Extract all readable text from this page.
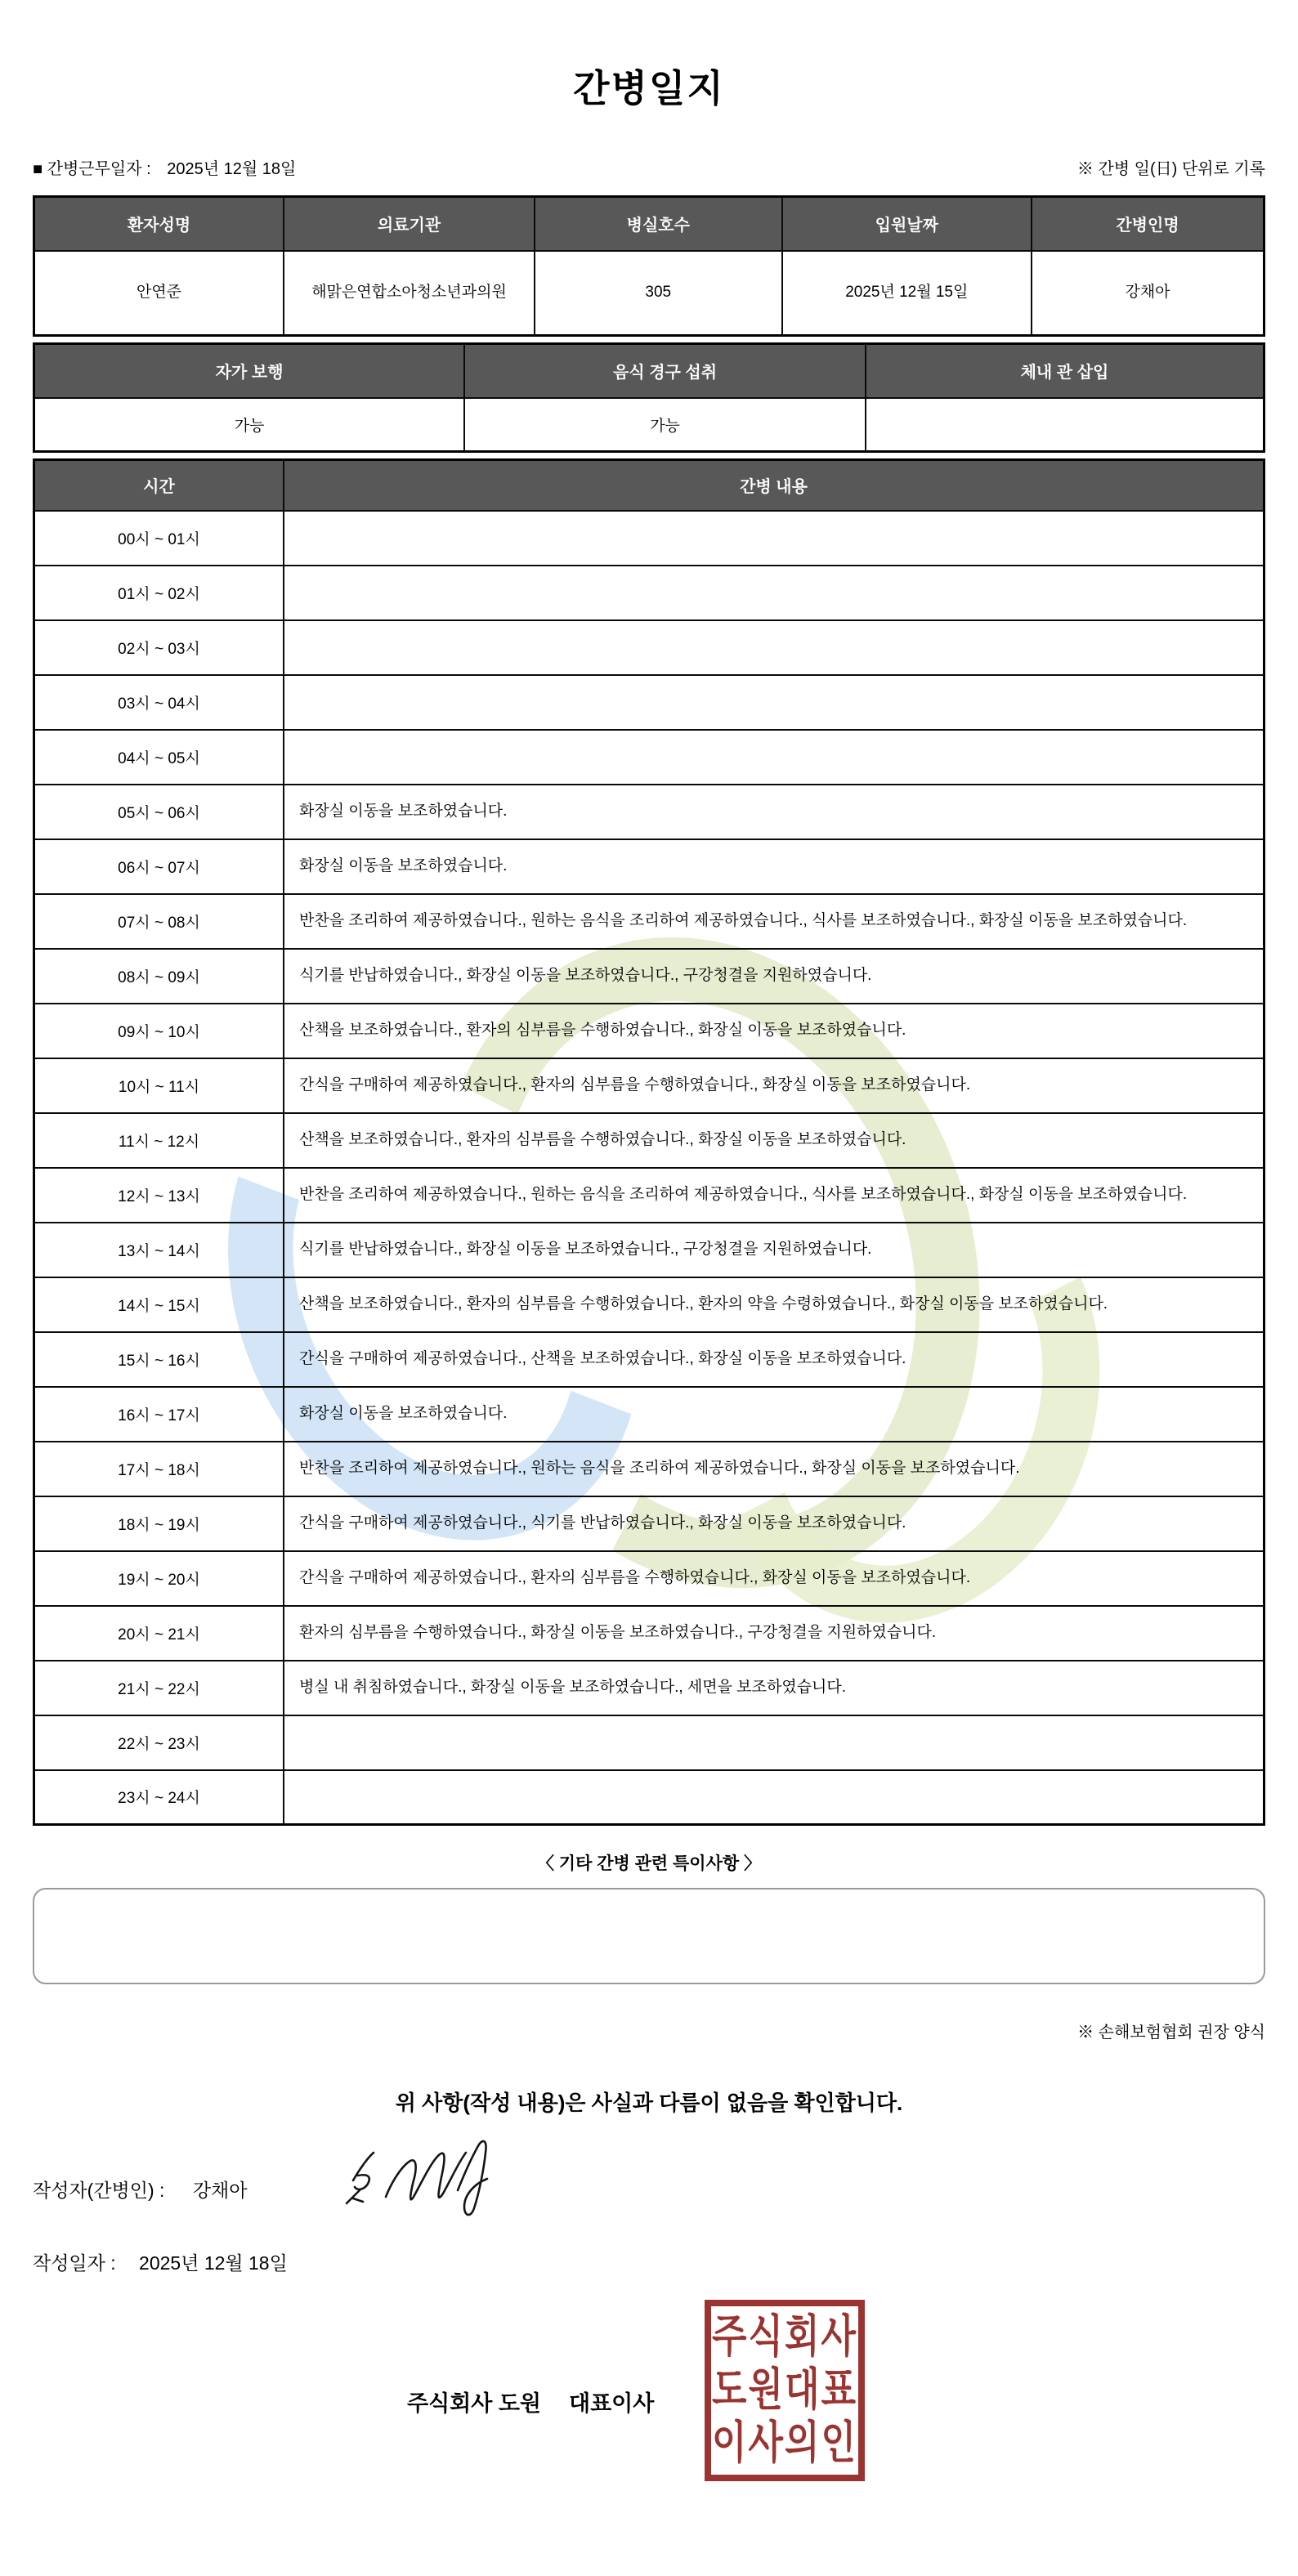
간병일지
■ 간병근무일자 : 2025년 12월 18일	※ 간병 일(日) 단위로 기록
환자성명	의료기관	병실호수	입원날짜	간병인명
안연준	해맑은연합소아청소년과의원	305	2025년 12월 15일	강채아
자가 보행	음식 경구 섭취	체내 관 삽입
가능	가능	
시간	간병 내용
00시 ~ 01시	
01시 ~ 02시	
02시 ~ 03시	
03시 ~ 04시	
04시 ~ 05시	
05시 ~ 06시	화장실 이동을 보조하였습니다.
06시 ~ 07시	화장실 이동을 보조하였습니다.
07시 ~ 08시	반찬을 조리하여 제공하였습니다., 원하는 음식을 조리하여 제공하였습니다., 식사를 보조하였습니다., 화장실 이동을 보조하였습니다.
08시 ~ 09시	식기를 반납하였습니다., 화장실 이동을 보조하였습니다., 구강청결을 지원하였습니다.
09시 ~ 10시	산책을 보조하였습니다., 환자의 심부름을 수행하였습니다., 화장실 이동을 보조하였습니다.
10시 ~ 11시	간식을 구매하여 제공하였습니다., 환자의 심부름을 수행하였습니다., 화장실 이동을 보조하였습니다.
11시 ~ 12시	산책을 보조하였습니다., 환자의 심부름을 수행하였습니다., 화장실 이동을 보조하였습니다.
12시 ~ 13시	반찬을 조리하여 제공하였습니다., 원하는 음식을 조리하여 제공하였습니다., 식사를 보조하였습니다., 화장실 이동을 보조하였습니다.
13시 ~ 14시	식기를 반납하였습니다., 화장실 이동을 보조하였습니다., 구강청결을 지원하였습니다.
14시 ~ 15시	산책을 보조하였습니다., 환자의 심부름을 수행하였습니다., 환자의 약을 수령하였습니다., 화장실 이동을 보조하였습니다.
15시 ~ 16시	간식을 구매하여 제공하였습니다., 산책을 보조하였습니다., 화장실 이동을 보조하였습니다.
16시 ~ 17시	화장실 이동을 보조하였습니다.
17시 ~ 18시	반찬을 조리하여 제공하였습니다., 원하는 음식을 조리하여 제공하였습니다., 화장실 이동을 보조하였습니다.
18시 ~ 19시	간식을 구매하여 제공하였습니다., 식기를 반납하였습니다., 화장실 이동을 보조하였습니다.
19시 ~ 20시	간식을 구매하여 제공하였습니다., 환자의 심부름을 수행하였습니다., 화장실 이동을 보조하였습니다.
20시 ~ 21시	환자의 심부름을 수행하였습니다., 화장실 이동을 보조하였습니다., 구강청결을 지원하였습니다.
21시 ~ 22시	병실 내 취침하였습니다., 화장실 이동을 보조하였습니다., 세면을 보조하였습니다.
22시 ~ 23시	
23시 ~ 24시	
〈 기타 간병 관련 특이사항 〉
※ 손해보험협회 권장 양식
위 사항(작성 내용)은 사실과 다름이 없음을 확인합니다.
작성자(간병인) : 강채아
작성일자 : 2025년 12월 18일
주식회사 도원 대표이사
주식회사
도원대표
이사의인
